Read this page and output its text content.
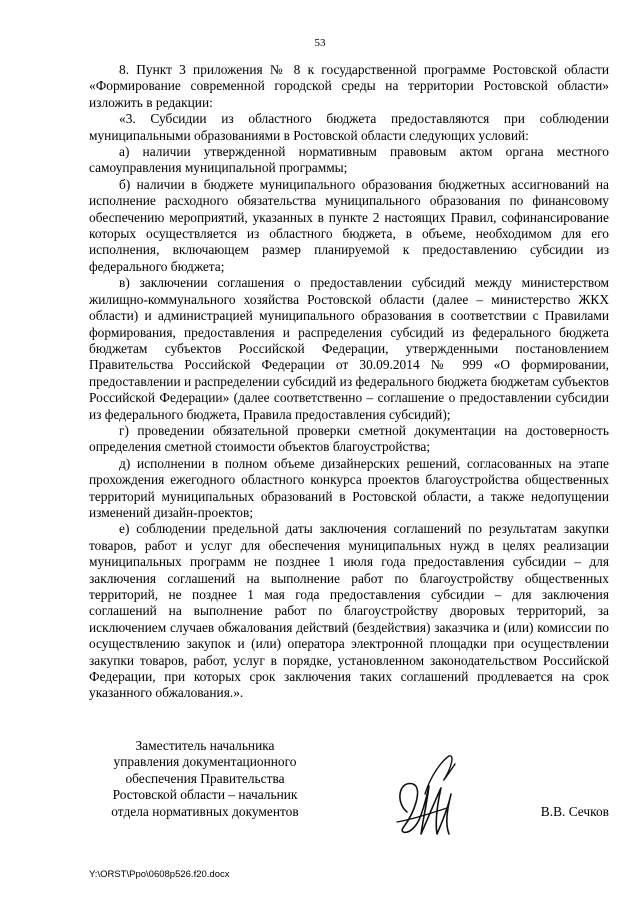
53

8. Пункт 3 приложения № 8 к государственной программе Ростовской области «Формирование современной городской среды на территории Ростовской области» изложить в редакции:

«3. Субсидии из областного бюджета предоставляются при соблюдении муниципальными образованиями в Ростовской области следующих условий:

а) наличии утвержденной нормативным правовым актом органа местного самоуправления муниципальной программы;

б) наличии в бюджете муниципального образования бюджетных ассигнований на исполнение расходного обязательства муниципального образования по финансовому обеспечению мероприятий, указанных в пункте 2 настоящих Правил, софинансирование которых осуществляется из областного бюджета, в объеме, необходимом для его исполнения, включающем размер планируемой к предоставлению субсидии из федерального бюджета;

в) заключении соглашения о предоставлении субсидий между министерством жилищно-коммунального хозяйства Ростовской области (далее – министерство ЖКХ области) и администрацией муниципального образования в соответствии с Правилами формирования, предоставления и распределения субсидий из федерального бюджета бюджетам субъектов Российской Федерации, утвержденными постановлением Правительства Российской Федерации от 30.09.2014 № 999 «О формировании, предоставлении и распределении субсидий из федерального бюджета бюджетам субъектов Российской Федерации» (далее соответственно – соглашение о предоставлении субсидии из федерального бюджета, Правила предоставления субсидий);

г) проведении обязательной проверки сметной документации на достоверность определения сметной стоимости объектов благоустройства;

д) исполнении в полном объеме дизайнерских решений, согласованных на этапе прохождения ежегодного областного конкурса проектов благоустройства общественных территорий муниципальных образований в Ростовской области, а также недопущении изменений дизайн-проектов;

е) соблюдении предельной даты заключения соглашений по результатам закупки товаров, работ и услуг для обеспечения муниципальных нужд в целях реализации муниципальных программ не позднее 1 июля года предоставления субсидии – для заключения соглашений на выполнение работ по благоустройству общественных территорий, не позднее 1 мая года предоставления субсидии – для заключения соглашений на выполнение работ по благоустройству дворовых территорий, за исключением случаев обжалования действий (бездействия) заказчика и (или) комиссии по осуществлению закупок и (или) оператора электронной площадки при осуществлении закупки товаров, работ, услуг в порядке, установленном законодательством Российской Федерации, при которых срок заключения таких соглашений продлевается на срок указанного обжалования.».

Заместитель начальника
управления документационного
обеспечения Правительства
Ростовской области – начальник
отдела нормативных документов	В.В. Сечков
Y:\ORST\Ppo\0608p526.f20.docx
